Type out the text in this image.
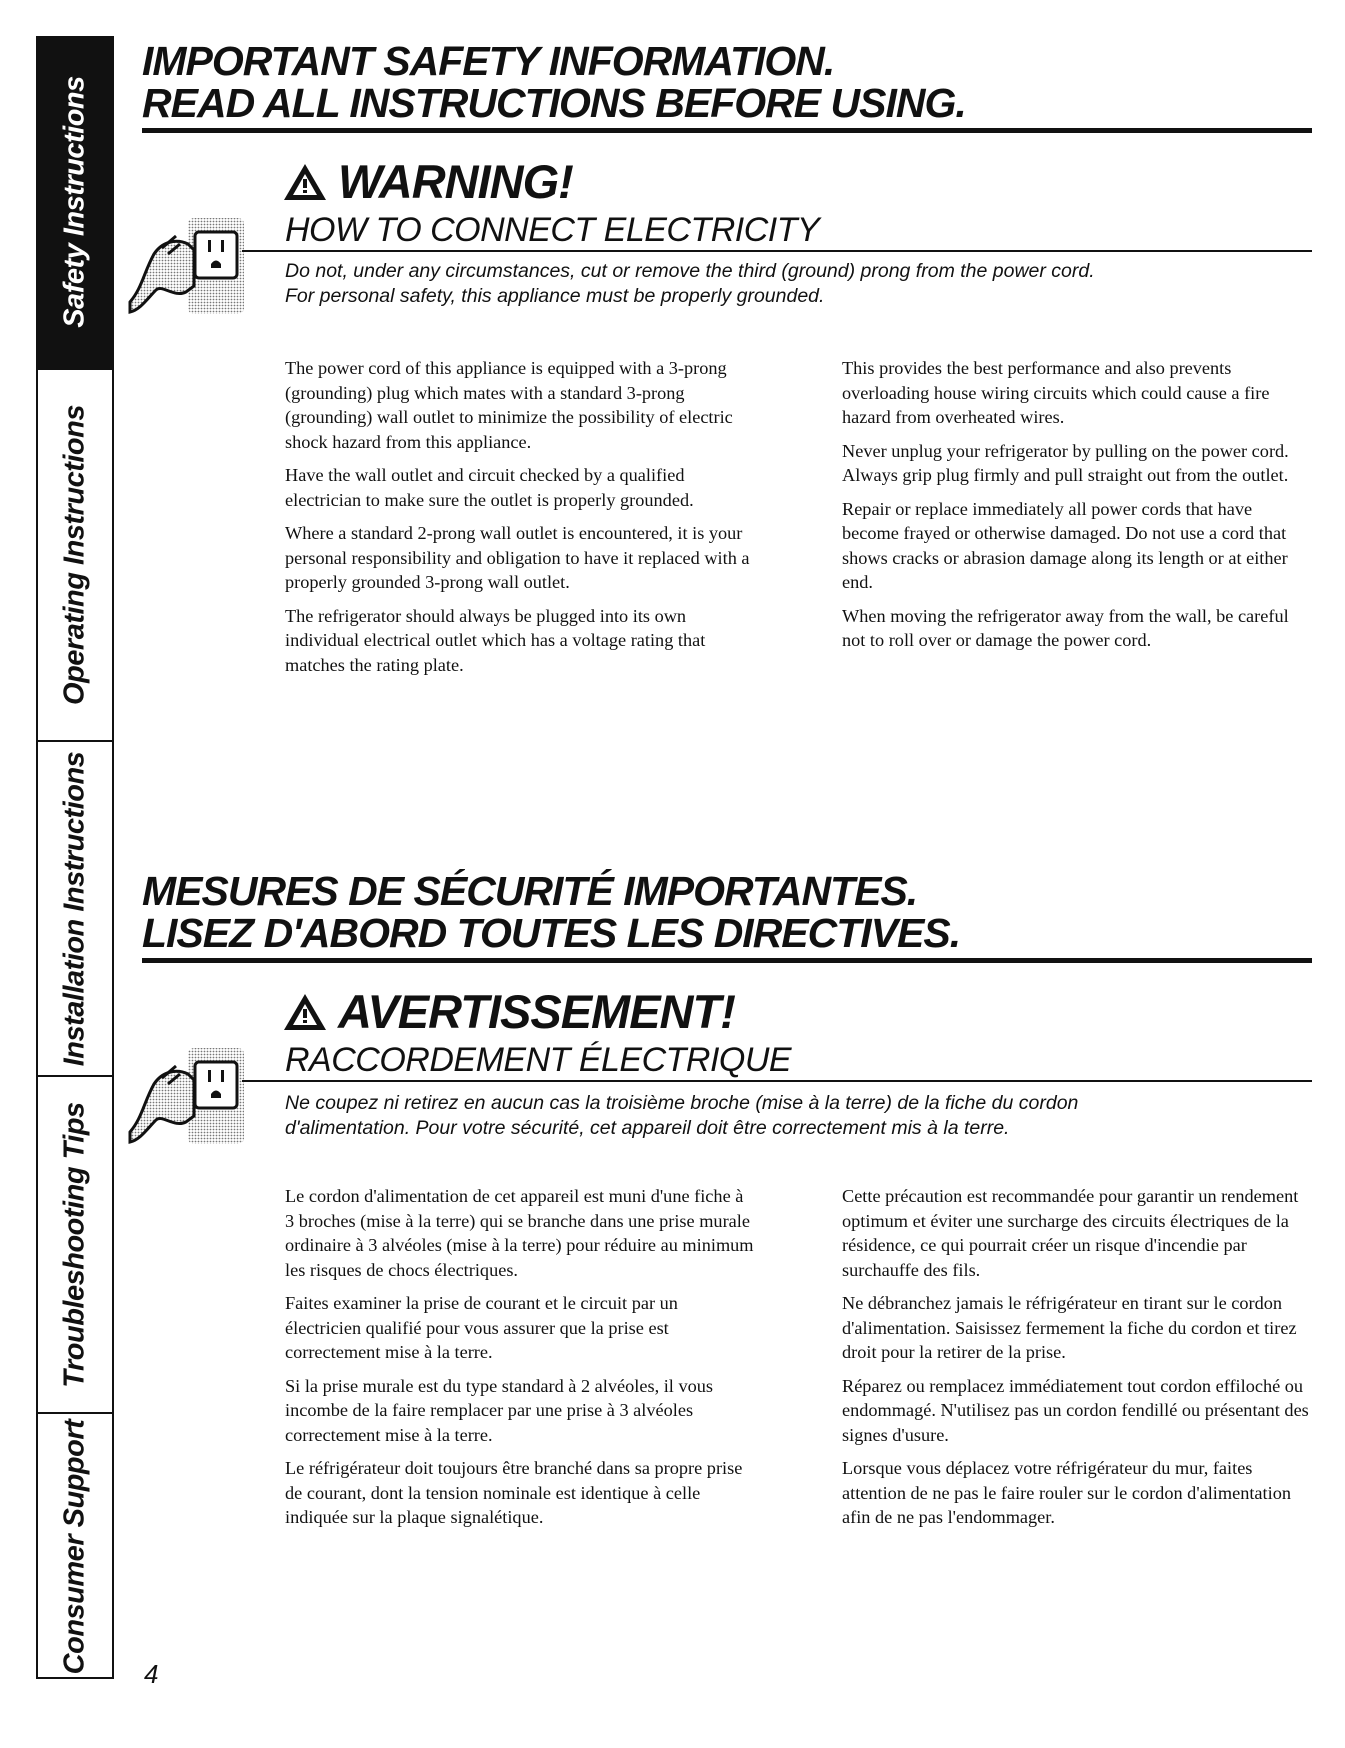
Safety Instructions
Operating Instructions
Installation Instructions
Troubleshooting Tips
Consumer Support
IMPORTANT SAFETY INFORMATION.
READ ALL INSTRUCTIONS BEFORE USING.
WARNING!
HOW TO CONNECT ELECTRICITY
Do not, under any circumstances, cut or remove the third (ground) prong from the power cord.
For personal safety, this appliance must be properly grounded.

The power cord of this appliance is equipped with a 3-prong (grounding) plug which mates with a standard 3-prong (grounding) wall outlet to minimize the possibility of electric shock hazard from this appliance.

Have the wall outlet and circuit checked by a qualified electrician to make sure the outlet is properly grounded.

Where a standard 2-prong wall outlet is encountered, it is your personal responsibility and obligation to have it replaced with a properly grounded 3-prong wall outlet.

The refrigerator should always be plugged into its own individual electrical outlet which has a voltage rating that matches the rating plate.

This provides the best performance and also prevents overloading house wiring circuits which could cause a fire hazard from overheated wires.

Never unplug your refrigerator by pulling on the power cord. Always grip plug firmly and pull straight out from the outlet.

Repair or replace immediately all power cords that have become frayed or otherwise damaged. Do not use a cord that shows cracks or abrasion damage along its length or at either end.

When moving the refrigerator away from the wall, be careful not to roll over or damage the power cord.

MESURES DE SÉCURITÉ IMPORTANTES.
LISEZ D'ABORD TOUTES LES DIRECTIVES.
AVERTISSEMENT!
RACCORDEMENT ÉLECTRIQUE
Ne coupez ni retirez en aucun cas la troisième broche (mise à la terre) de la fiche du cordon
d'alimentation. Pour votre sécurité, cet appareil doit être correctement mis à la terre.

Le cordon d'alimentation de cet appareil est muni d'une fiche à 3 broches (mise à la terre) qui se branche dans une prise murale ordinaire à 3 alvéoles (mise à la terre) pour réduire au minimum les risques de chocs électriques.

Faites examiner la prise de courant et le circuit par un électricien qualifié pour vous assurer que la prise est correctement mise à la terre.

Si la prise murale est du type standard à 2 alvéoles, il vous incombe de la faire remplacer par une prise à 3 alvéoles correctement mise à la terre.

Le réfrigérateur doit toujours être branché dans sa propre prise de courant, dont la tension nominale est identique à celle indiquée sur la plaque signalétique.

Cette précaution est recommandée pour garantir un rendement optimum et éviter une surcharge des circuits électriques de la résidence, ce qui pourrait créer un risque d'incendie par surchauffe des fils.

Ne débranchez jamais le réfrigérateur en tirant sur le cordon d'alimentation. Saisissez fermement la fiche du cordon et tirez droit pour la retirer de la prise.

Réparez ou remplacez immédiatement tout cordon effiloché ou endommagé. N'utilisez pas un cordon fendillé ou présentant des signes d'usure.

Lorsque vous déplacez votre réfrigérateur du mur, faites attention de ne pas le faire rouler sur le cordon d'alimentation afin de ne pas l'endommager.

4
